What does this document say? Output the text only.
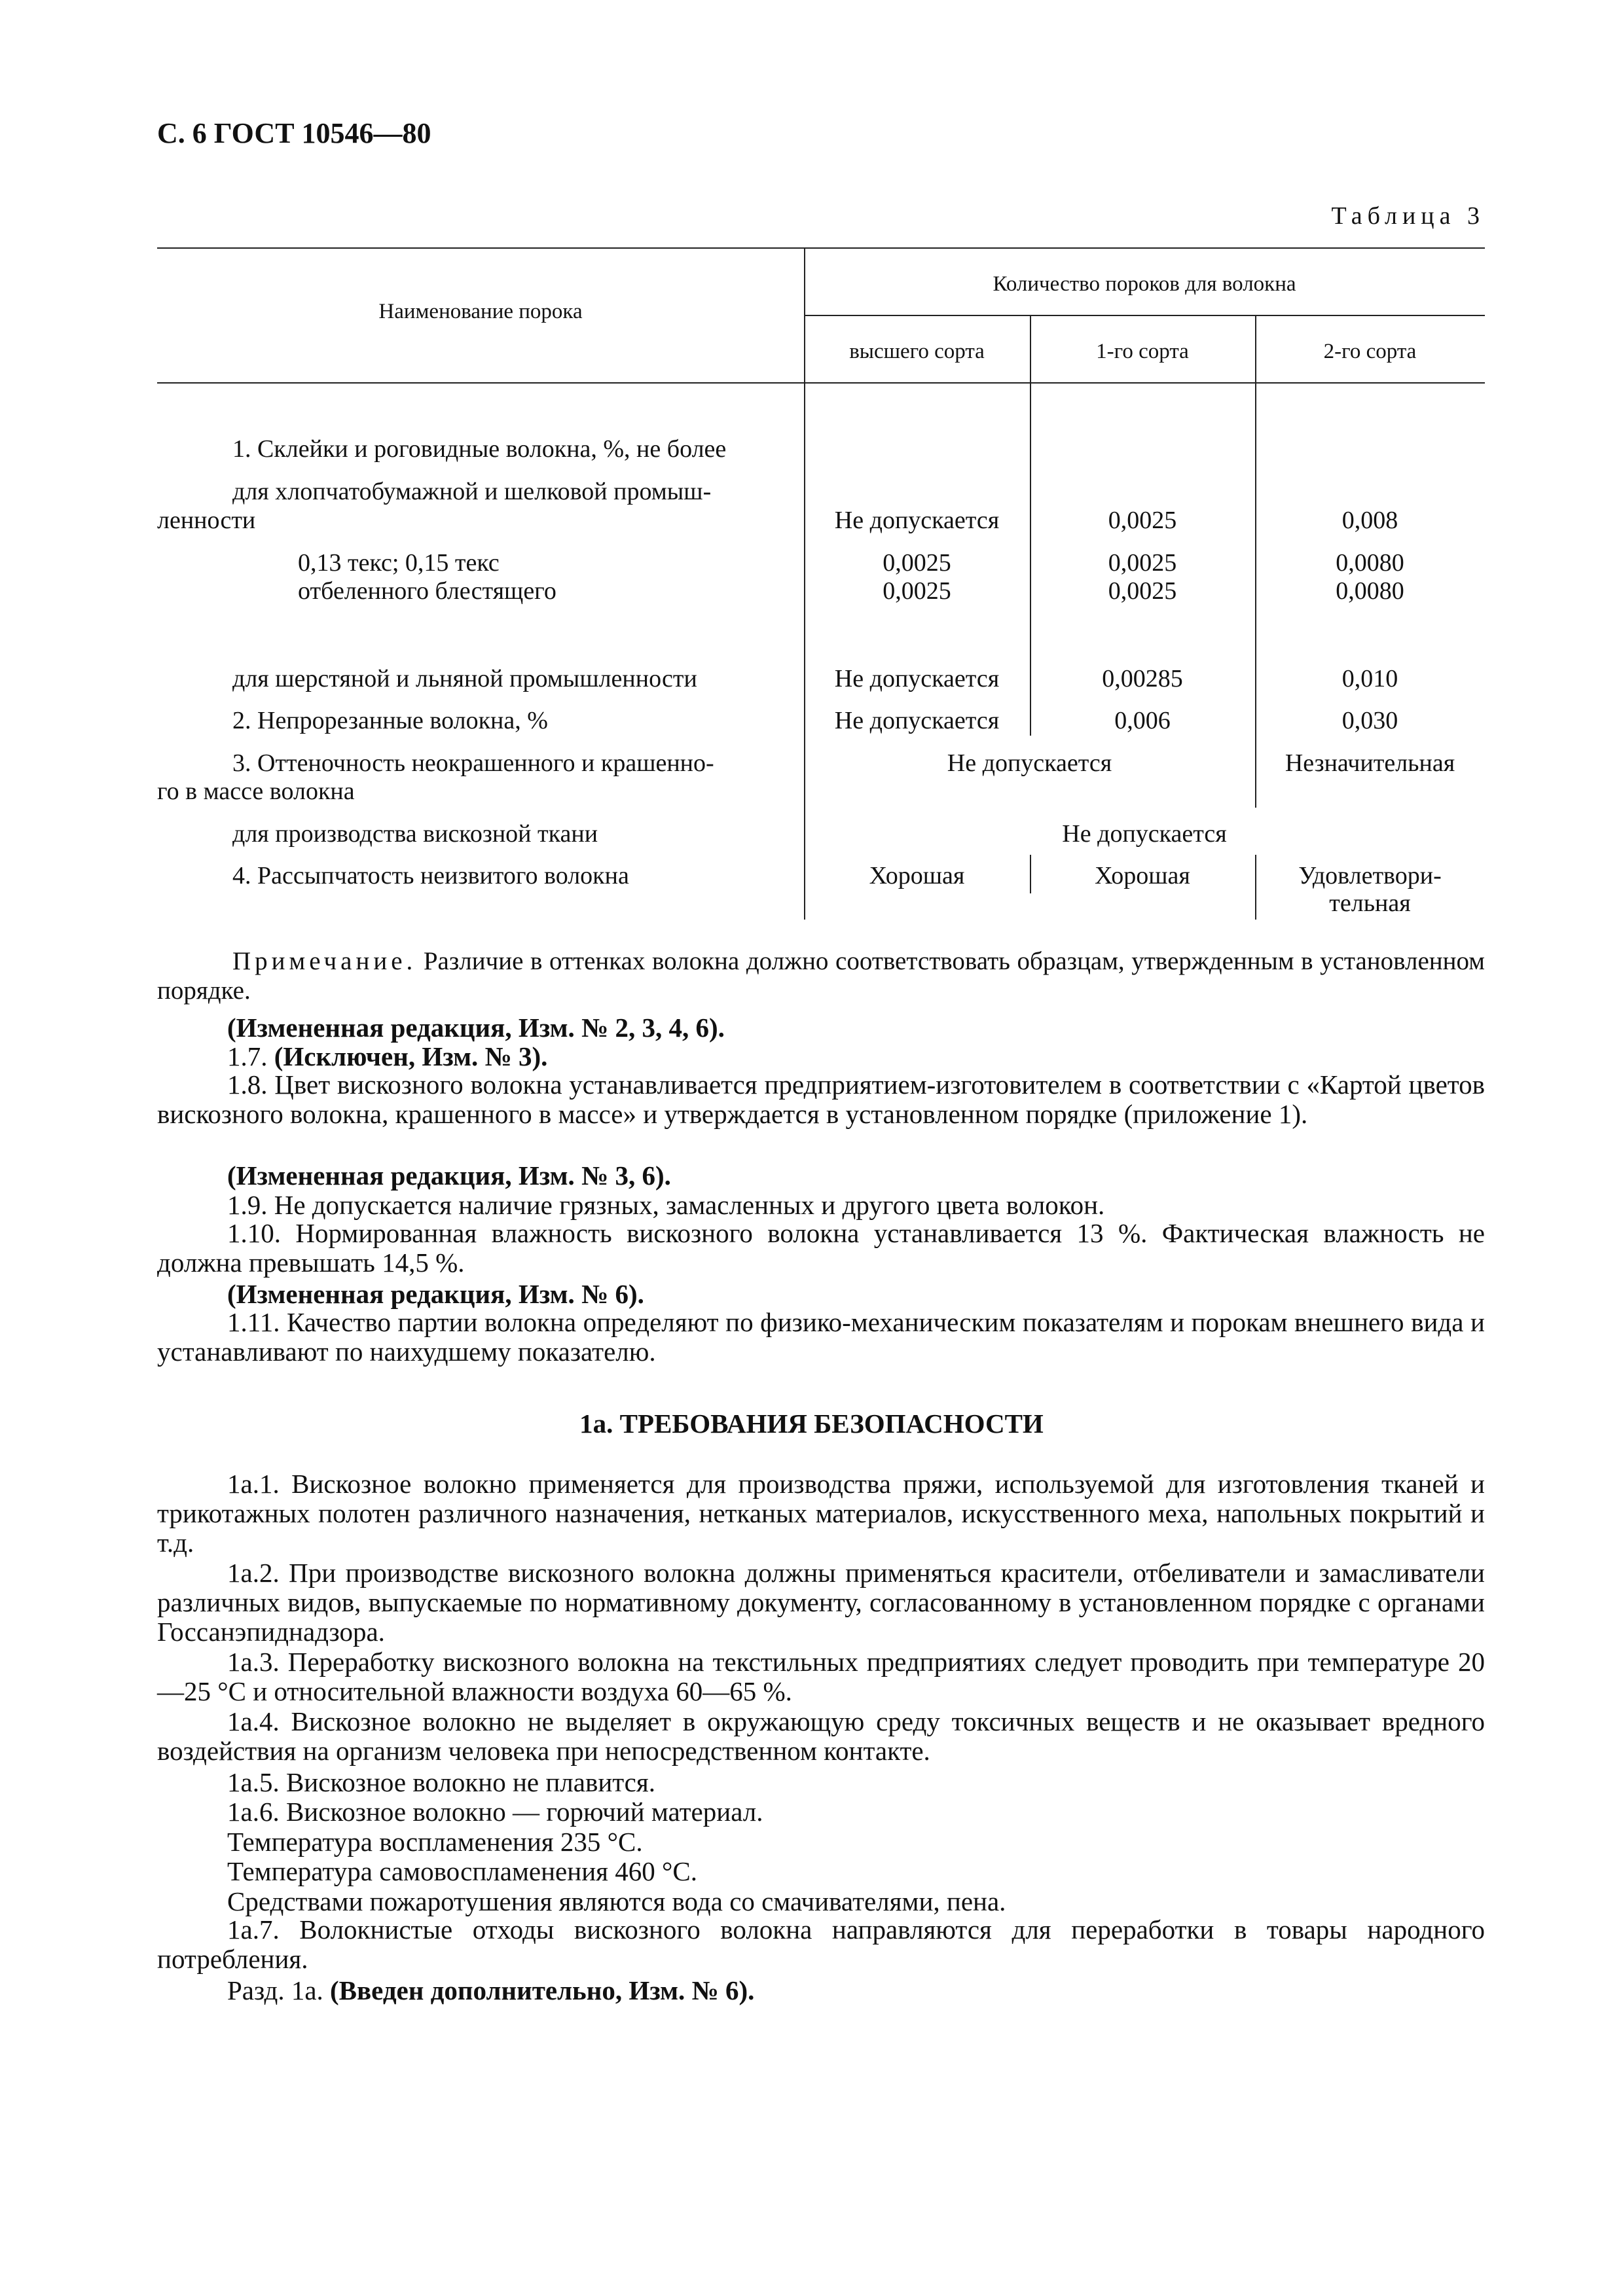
С. 6 ГОСТ 10546—80
Таблица 3
Наименование порока
Количество пороков для волокна
высшего сорта	1-го сорта	2-го сорта
1. Склейки и роговидные волокна, %, не более
для хлопчатобумажной и шелковой промыш-
ленности	Не допускается	0,0025	0,008
0,13 текс; 0,15 текс	0,0025	0,0025	0,0080
отбеленного блестящего	0,0025	0,0025	0,0080
для шерстяной и льняной промышленности	Не допускается	0,00285	0,010
2. Непрорезанные волокна, %	Не допускается	0,006	0,030
3. Оттеночность неокрашенного и крашенно-
го в массе волокна
Не допускается	Незначительная
для производства вискозной ткани	Не допускается
4. Рассыпчатость неизвитого волокна	Хорошая	Хорошая	Удовлетвори-
тельная
Примечание. Различие в оттенках волокна должно соответствовать образцам, утвержденным в установленном порядке.
(Измененная редакция, Изм. № 2, 3, 4, 6).
1.7. (Исключен, Изм. № 3).
1.8. Цвет вискозного волокна устанавливается предприятием-изготовителем в соответствии с «Картой цветов вискозного волокна, крашенного в массе» и утверждается в установленном порядке (приложение 1).
(Измененная редакция, Изм. № 3, 6).
1.9. Не допускается наличие грязных, замасленных и другого цвета волокон.
1.10. Нормированная влажность вискозного волокна устанавливается 13 %. Фактическая влажность не должна превышать 14,5 %.
(Измененная редакция, Изм. № 6).
1.11. Качество партии волокна определяют по физико-механическим показателям и порокам внешнего вида и устанавливают по наихудшему показателю.
1а. ТРЕБОВАНИЯ БЕЗОПАСНОСТИ
1а.1. Вискозное волокно применяется для производства пряжи, используемой для изготовления тканей и трикотажных полотен различного назначения, нетканых материалов, искусственного меха, напольных покрытий и т.д.
1а.2. При производстве вискозного волокна должны применяться красители, отбеливатели и замасливатели различных видов, выпускаемые по нормативному документу, согласованному в установленном порядке с органами Госсанэпиднадзора.
1а.3. Переработку вискозного волокна на текстильных предприятиях следует проводить при температуре 20—25 °С и относительной влажности воздуха 60—65 %.
1а.4. Вискозное волокно не выделяет в окружающую среду токсичных веществ и не оказывает вредного воздействия на организм человека при непосредственном контакте.
1а.5. Вискозное волокно не плавится.
1а.6. Вискозное волокно — горючий материал.
Температура воспламенения 235 °С.
Температура самовоспламенения 460 °С.
Средствами пожаротушения являются вода со смачивателями, пена.
1а.7. Волокнистые отходы вискозного волокна направляются для переработки в товары народного потребления.
Разд. 1а. (Введен дополнительно, Изм. № 6).
